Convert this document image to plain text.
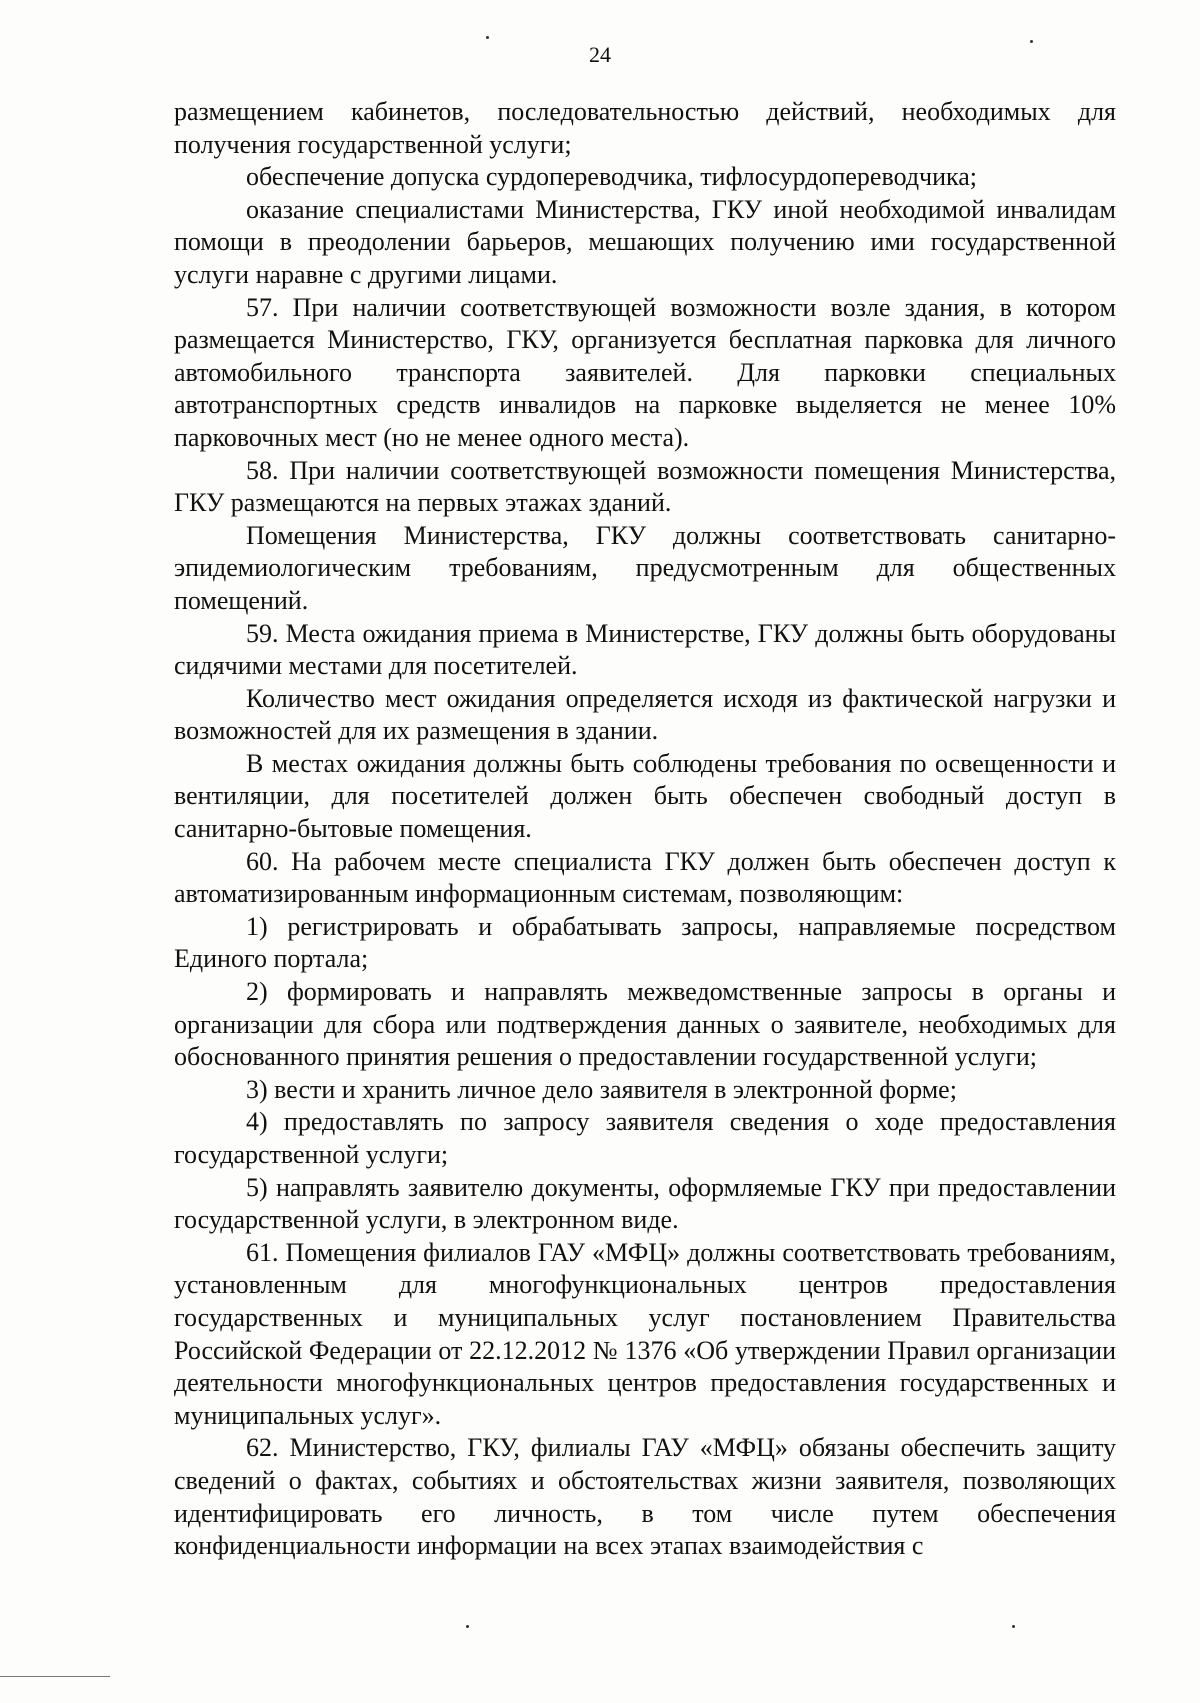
24

размещением кабинетов, последовательностью действий, необходимых для получения государственной услуги;

обеспечение допуска сурдопереводчика, тифлосурдопереводчика;

оказание специалистами Министерства, ГКУ иной необходимой инвалидам помощи в преодолении барьеров, мешающих получению ими государственной услуги наравне с другими лицами.

57. При наличии соответствующей возможности возле здания, в котором размещается Министерство, ГКУ, организуется бесплатная парковка для личного автомобильного транспорта заявителей. Для парковки специальных автотранспортных средств инвалидов на парковке выделяется не менее 10% парковочных мест (но не менее одного места).

58. При наличии соответствующей возможности помещения Министерства, ГКУ размещаются на первых этажах зданий.

Помещения Министерства, ГКУ должны соответствовать санитарно-эпидемиологическим требованиям, предусмотренным для общественных помещений.

59. Места ожидания приема в Министерстве, ГКУ должны быть оборудованы сидячими местами для посетителей.

Количество мест ожидания определяется исходя из фактической нагрузки и возможностей для их размещения в здании.

В местах ожидания должны быть соблюдены требования по освещенности и вентиляции, для посетителей должен быть обеспечен свободный доступ в санитарно-бытовые помещения.

60. На рабочем месте специалиста ГКУ должен быть обеспечен доступ к автоматизированным информационным системам, позволяющим:

1) регистрировать и обрабатывать запросы, направляемые посредством Единого портала;

2) формировать и направлять межведомственные запросы в органы и организации для сбора или подтверждения данных о заявителе, необходимых для обоснованного принятия решения о предоставлении государственной услуги;

3) вести и хранить личное дело заявителя в электронной форме;

4) предоставлять по запросу заявителя сведения о ходе предоставления государственной услуги;

5) направлять заявителю документы, оформляемые ГКУ при предоставлении государственной услуги, в электронном виде.

61. Помещения филиалов ГАУ «МФЦ» должны соответствовать требованиям, установленным для многофункциональных центров предоставления государственных и муниципальных услуг постановлением Правительства Российской Федерации от 22.12.2012 № 1376 «Об утверждении Правил организации деятельности многофункциональных центров предоставления государственных и муниципальных услуг».

62. Министерство, ГКУ, филиалы ГАУ «МФЦ» обязаны обеспечить защиту сведений о фактах, событиях и обстоятельствах жизни заявителя, позволяющих идентифицировать его личность, в том числе путем обеспечения конфиденциальности информации на всех этапах взаимодействия с
